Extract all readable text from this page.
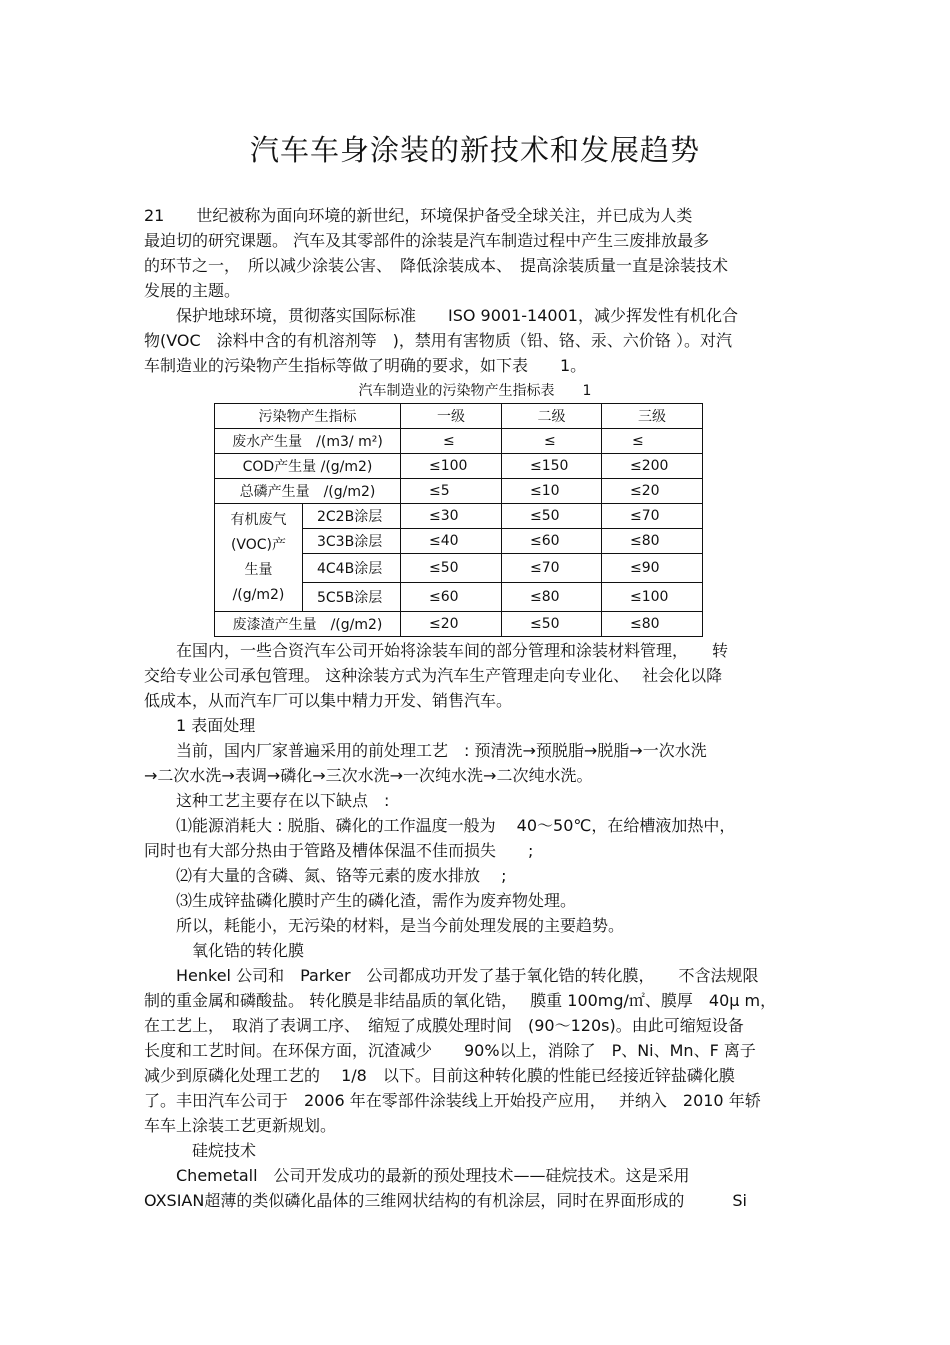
汽车车身涂装的新技术和发展趋势
21　　世纪被称为面向环境的新世纪，环境保护备受全球关注，并已成为人类
最迫切的研究课题。 汽车及其零部件的涂装是汽车制造过程中产生三废排放最多
的环节之一，　所以减少涂装公害、　降低涂装成本、　提高涂装质量一直是涂装技术
发展的主题。
　　保护地球环境，贯彻落实国际标准　　ISO 9001-14001，减少挥发性有机化合
物(VOC　涂料中含的有机溶剂等　)，禁用有害物质（铅、铬、汞、六价铬 ）。对汽
车制造业的污染物产生指标等做了明确的要求，如下表　　1。
汽车制造业的污染物产生指标表　　1
污染物产生指标		一级	二级	三级
废水产生量　/(m3/ m²)		≤	≤	≤
COD产生量 /(g/m2)		≤100	≤150	≤200
总磷产生量　/(g/m2)		≤5	≤10	≤20

有机废气
(VOC)产
生量
/(g/m2)	2C2B涂层	≤30	≤50	≤70
	3C3B涂层	≤40	≤60	≤80
	4C4B涂层	≤50	≤70	≤90
	5C5B涂层	≤60	≤80	≤100
废漆渣产生量　/(g/m2)		≤20	≤50	≤80
　　在国内，一些合资汽车公司开始将涂装车间的部分管理和涂装材料管理，　　转
交给专业公司承包管理。 这种涂装方式为汽车生产管理走向专业化、　 社会化以降
低成本，从而汽车厂可以集中精力开发、销售汽车。
　　1 表面处理
　　当前，国内厂家普遍采用的前处理工艺　: 预清洗→预脱脂→脱脂→一次水洗
→二次水洗→表调→磷化→三次水洗→一次纯水洗→二次纯水洗。
　　这种工艺主要存在以下缺点　:
　　⑴能源消耗大 : 脱脂、磷化的工作温度一般为　 40～50℃，在给槽液加热中，
同时也有大部分热由于管路及槽体保温不佳而损失　　;
　　⑵有大量的含磷、氮、铬等元素的废水排放　 ;
　　⑶生成锌盐磷化膜时产生的磷化渣，需作为废弃物处理。
　　所以，耗能小，无污染的材料，是当今前处理发展的主要趋势。
　　　氧化锆的转化膜
　　Henkel 公司和　Parker　公司都成功开发了基于氧化锆的转化膜，　　不含法规限
制的重金属和磷酸盐。 转化膜是非结晶质的氧化锆，　 膜重 100mg/㎡、膜厚　40μ m，
在工艺上，　取消了表调工序、　缩短了成膜处理时间　(90～120s)。由此可缩短设备
长度和工艺时间。在环保方面，沉渣减少　　90%以上，消除了　P、Ni、Mn、F 离子
减少到原磷化处理工艺的　 1/8　以下。目前这种转化膜的性能已经接近锌盐磷化膜
了。丰田汽车公司于　2006 年在零部件涂装线上开始投产应用，　 并纳入　2010 年轿
车车上涂装工艺更新规划。
　　　硅烷技术
　　Chemetall　公司开发成功的最新的预处理技术——硅烷技术。这是采用
OXSIAN超薄的类似磷化晶体的三维网状结构的有机涂层，同时在界面形成的　　　Si
